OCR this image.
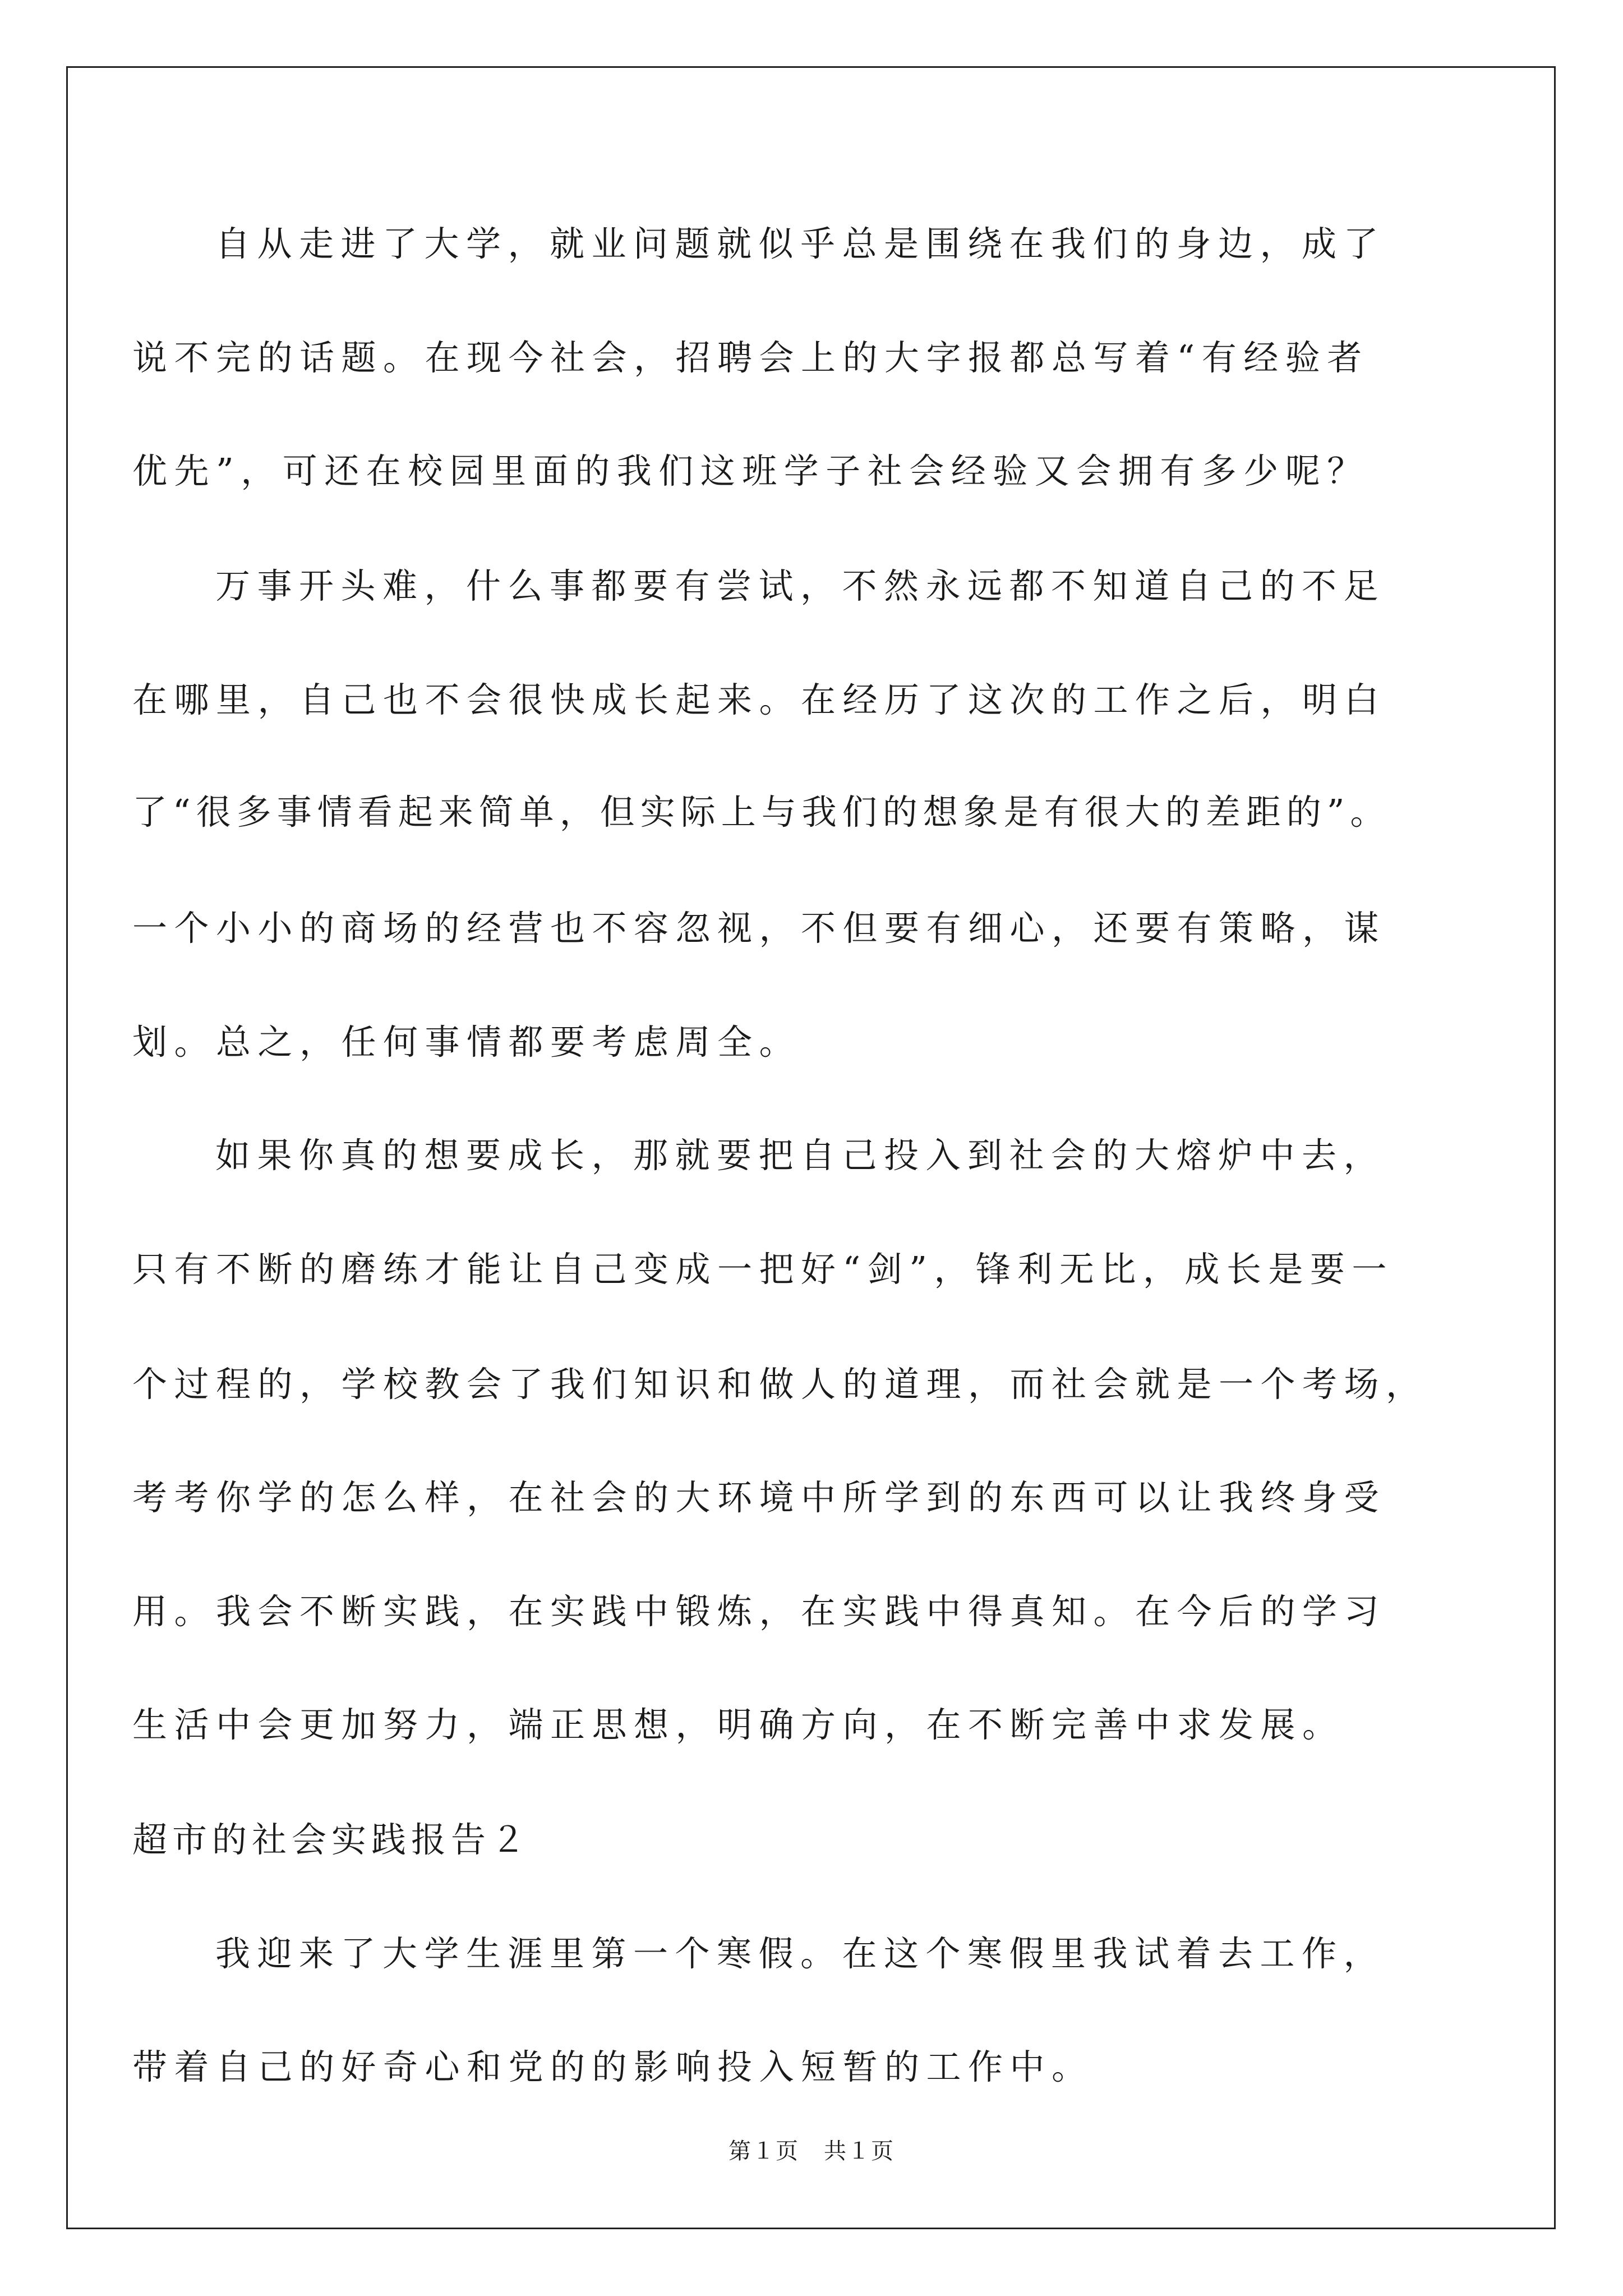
自从走进了大学，就业问题就似乎总是围绕在我们的身边，成了
说不完的话题。在现今社会，招聘会上的大字报都总写着“有经验者
优先”，可还在校园里面的我们这班学子社会经验又会拥有多少呢？
万事开头难，什么事都要有尝试，不然永远都不知道自己的不足
在哪里，自己也不会很快成长起来。在经历了这次的工作之后，明白
了“很多事情看起来简单，但实际上与我们的想象是有很大的差距的”。
一个小小的商场的经营也不容忽视，不但要有细心，还要有策略，谋
划。总之，任何事情都要考虑周全。
如果你真的想要成长，那就要把自己投入到社会的大熔炉中去，
只有不断的磨练才能让自己变成一把好“剑”，锋利无比，成长是要一
个过程的，学校教会了我们知识和做人的道理，而社会就是一个考场，
考考你学的怎么样，在社会的大环境中所学到的东西可以让我终身受
用。我会不断实践，在实践中锻炼，在实践中得真知。在今后的学习
生活中会更加努力，端正思想，明确方向，在不断完善中求发展。
超市的社会实践报告２
我迎来了大学生涯里第一个寒假。在这个寒假里我试着去工作，
带着自己的好奇心和党的的影响投入短暂的工作中。
第１页 共１页
